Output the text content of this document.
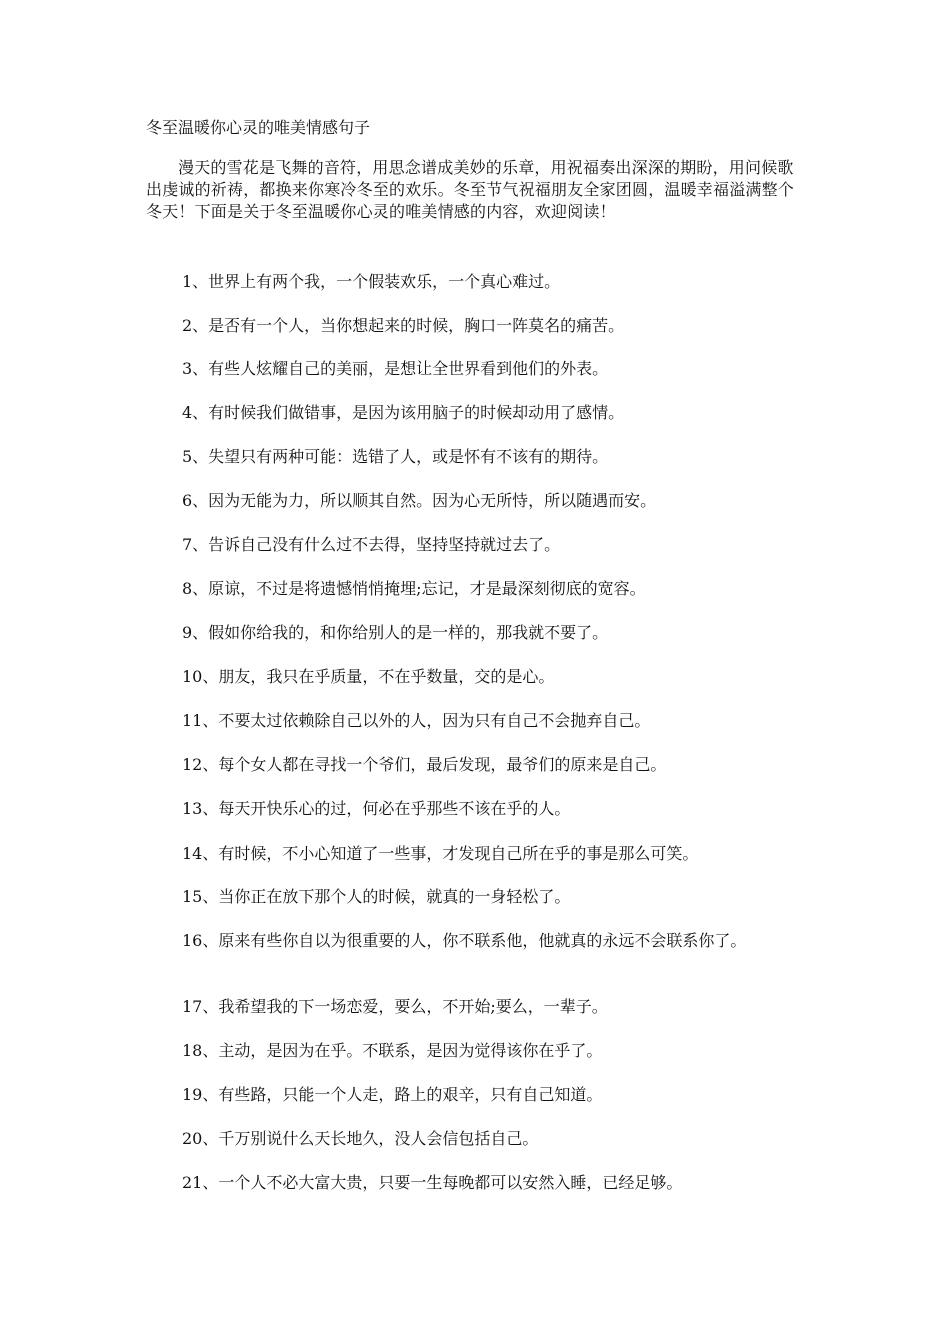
冬至温暖你心灵的唯美情感句子
漫天的雪花是飞舞的音符，用思念谱成美妙的乐章，用祝福奏出深深的期盼，用问候歌出虔诚的祈祷，都换来你寒冷冬至的欢乐。冬至节气祝福朋友全家团圆，温暖幸福溢满整个冬天！下面是关于冬至温暖你心灵的唯美情感的内容，欢迎阅读！
1、世界上有两个我，一个假装欢乐，一个真心难过。
2、是否有一个人，当你想起来的时候，胸口一阵莫名的痛苦。
3、有些人炫耀自己的美丽，是想让全世界看到他们的外表。
4、有时候我们做错事，是因为该用脑子的时候却动用了感情。
5、失望只有两种可能：选错了人，或是怀有不该有的期待。
6、因为无能为力，所以顺其自然。因为心无所恃，所以随遇而安。
7、告诉自己没有什么过不去得，坚持坚持就过去了。
8、原谅，不过是将遗憾悄悄掩埋;忘记，才是最深刻彻底的宽容。
9、假如你给我的，和你给别人的是一样的，那我就不要了。
10、朋友，我只在乎质量，不在乎数量，交的是心。
11、不要太过依赖除自己以外的人，因为只有自己不会抛弃自己。
12、每个女人都在寻找一个爷们，最后发现，最爷们的原来是自己。
13、每天开快乐心的过，何必在乎那些不该在乎的人。
14、有时候，不小心知道了一些事，才发现自己所在乎的事是那么可笑。
15、当你正在放下那个人的时候，就真的一身轻松了。
16、原来有些你自以为很重要的人，你不联系他，他就真的永远不会联系你了。
17、我希望我的下一场恋爱，要么，不开始;要么，一辈子。
18、主动，是因为在乎。不联系，是因为觉得该你在乎了。
19、有些路，只能一个人走，路上的艰辛，只有自己知道。
20、千万别说什么天长地久，没人会信包括自己。
21、一个人不必大富大贵，只要一生每晚都可以安然入睡，已经足够。
